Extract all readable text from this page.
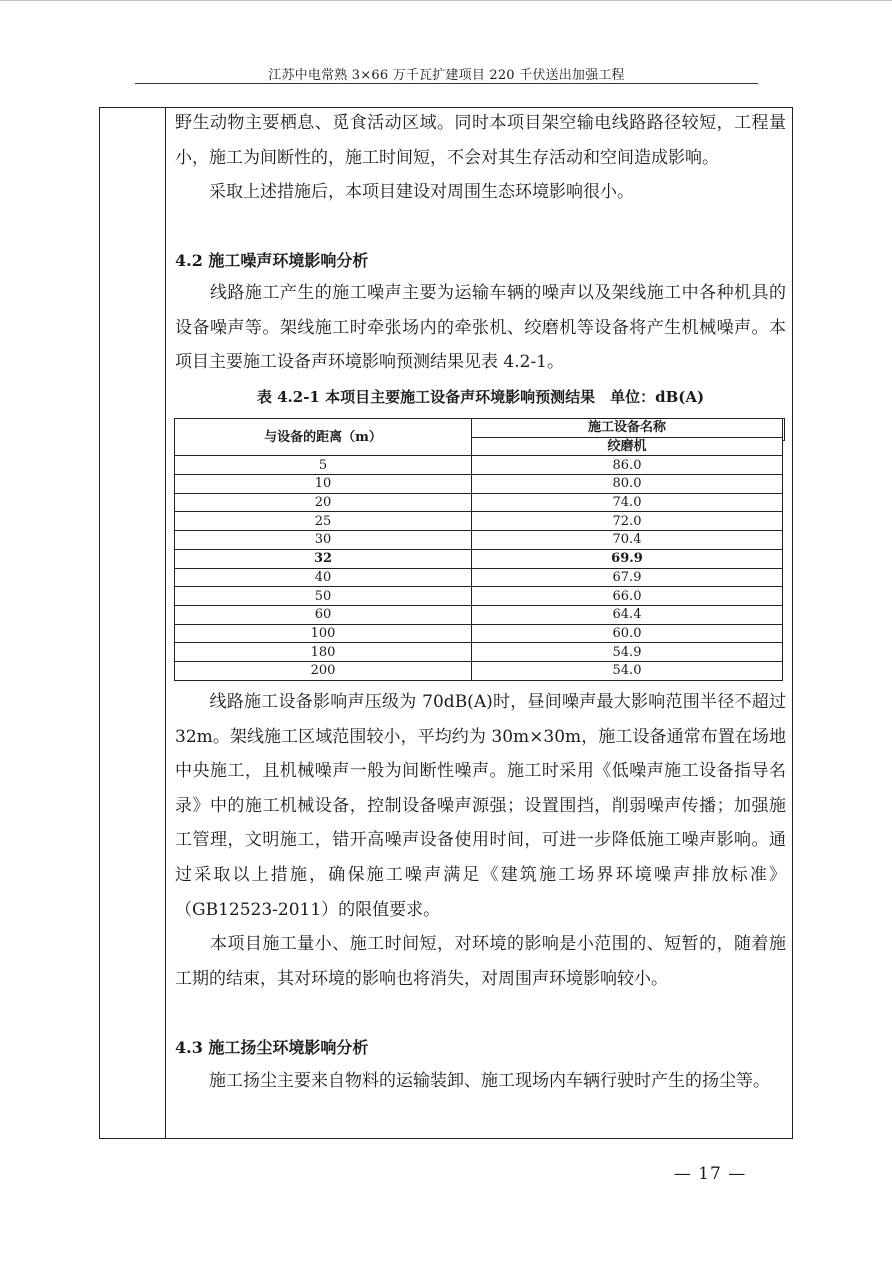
江苏中电常熟 3×66 万千瓦扩建项目 220 千伏送出加强工程

野生动物主要栖息、觅食活动区域。同时本项目架空输电线路路径较短，工程量小，施工为间断性的，施工时间短，不会对其生存活动和空间造成影响。

　　采取上述措施后，本项目建设对周围生态环境影响很小。

4.2 施工噪声环境影响分析

　　线路施工产生的施工噪声主要为运输车辆的噪声以及架线施工中各种机具的设备噪声等。架线施工时牵张场内的牵张机、绞磨机等设备将产生机械噪声。本项目主要施工设备声环境影响预测结果见表 4.2-1。

表 4.2-1 本项目主要施工设备声环境影响预测结果　单位：dB(A)
与设备的距离（m）	施工设备名称
	绞磨机
5	86.0
10	80.0
20	74.0
25	72.0
30	70.4
32	69.9
40	67.9
50	66.0
60	64.4
100	60.0
180	54.9
200	54.0

　　线路施工设备影响声压级为 70dB(A)时，昼间噪声最大影响范围半径不超过 32m。架线施工区域范围较小，平均约为 30m×30m，施工设备通常布置在场地中央施工，且机械噪声一般为间断性噪声。施工时采用《低噪声施工设备指导名录》中的施工机械设备，控制设备噪声源强；设置围挡，削弱噪声传播；加强施工管理，文明施工，错开高噪声设备使用时间，可进一步降低施工噪声影响。通过采取以上措施，确保施工噪声满足《建筑施工场界环境噪声排放标准》（GB12523-2011）的限值要求。

　　本项目施工量小、施工时间短，对环境的影响是小范围的、短暂的，随着施工期的结束，其对环境的影响也将消失，对周围声环境影响较小。

4.3 施工扬尘环境影响分析

　　施工扬尘主要来自物料的运输装卸、施工现场内车辆行驶时产生的扬尘等。

— 17 —
